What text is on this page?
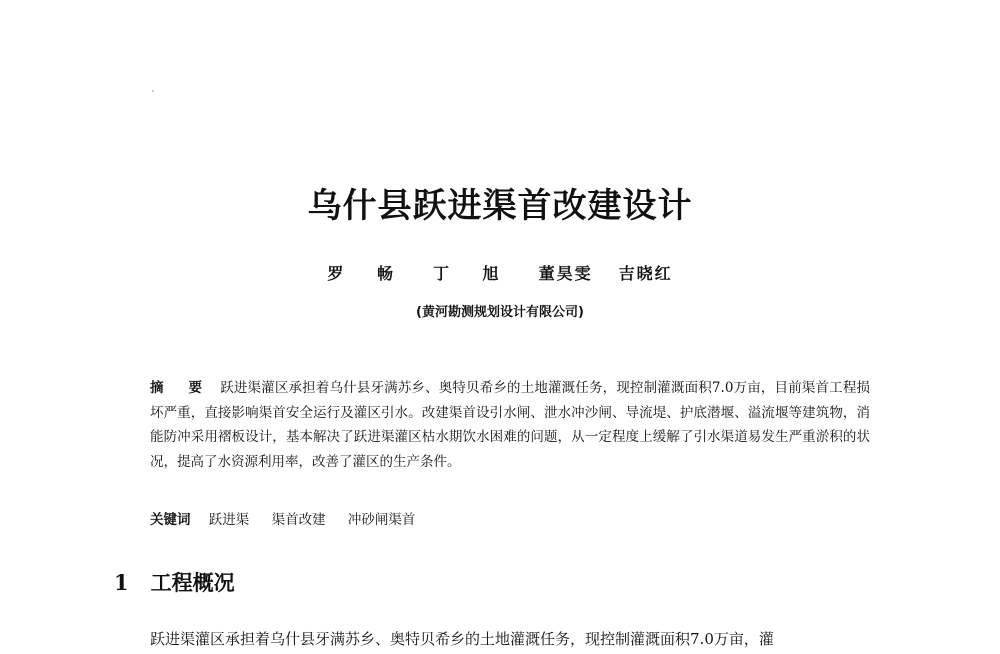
乌什县跃进渠首改建设计
罗 畅 丁 旭 董昊雯 吉晓红
(黄河勘测规划设计有限公司)
摘 要 跃进渠灌区承担着乌什县牙满苏乡、奥特贝希乡的土地灌溉任务，现控制灌溉面积7.0万亩，目前渠首工程损坏严重，直接影响渠首安全运行及灌区引水。改建渠首设引水闸、泄水冲沙闸、导流堤、护底潜堰、溢流堰等建筑物，消能防冲采用褶板设计，基本解决了跃进渠灌区枯水期饮水困难的问题，从一定程度上缓解了引水渠道易发生严重淤积的状况，提高了水资源利用率，改善了灌区的生产条件。
关键词 跃进渠 渠首改建 冲砂闸渠首
1 工程概况
跃进渠灌区承担着乌什县牙满苏乡、奥特贝希乡的土地灌溉任务，现控制灌溉面积7.0万亩，灌
